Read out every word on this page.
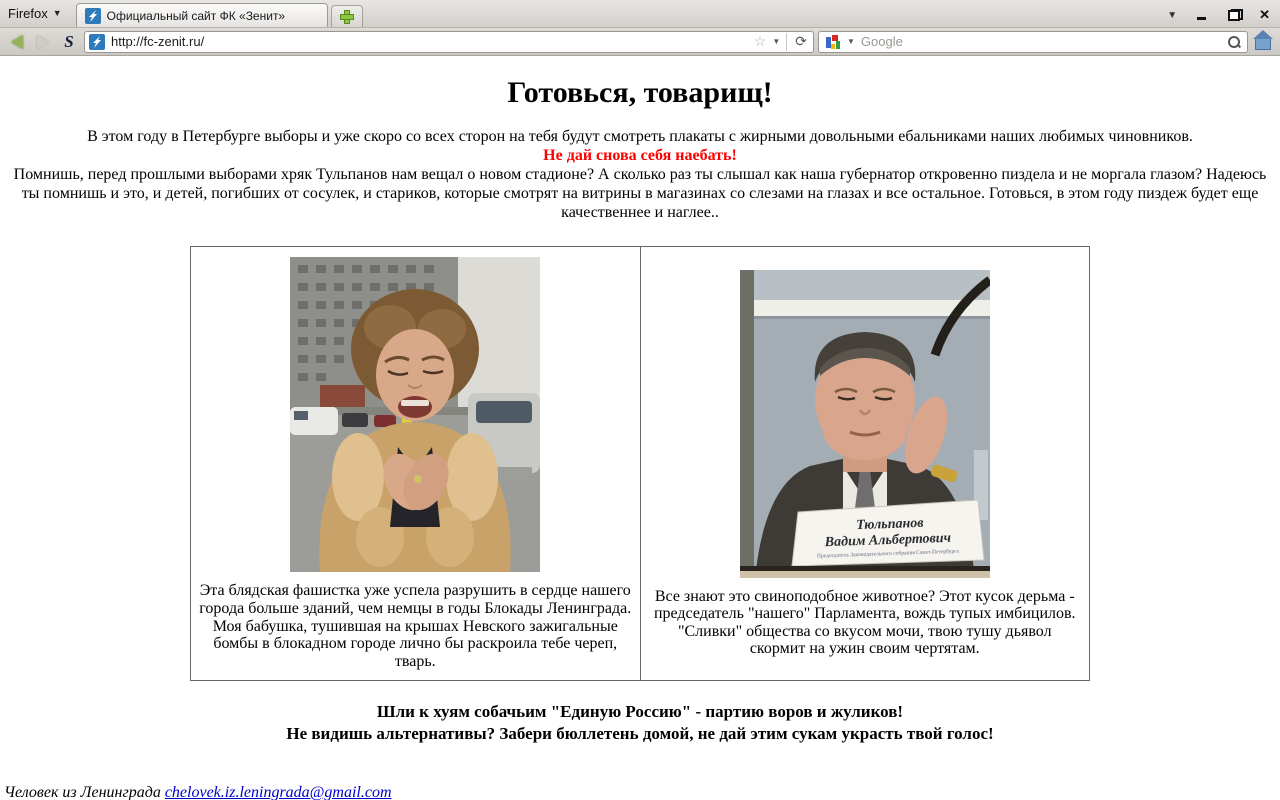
Firefox ▼	Официальный сайт ФК «Зенит»	▼	✕
S	http://fc-zenit.ru/	☆ ▼ ⟳	▼ Google
Готовься, товарищ!
В этом году в Петербурге выборы и уже скоро со всех сторон на тебя будут смотреть плакаты с жирными довольными ебальниками наших любимых чиновников.
Не дай снова себя наебать!
Помнишь, перед прошлыми выборами хряк Тульпанов нам вещал о новом стадионе? А сколько раз ты слышал как наша губернатор откровенно пиздела и не моргала глазом? Надеюсь ты помнишь и это, и детей, погибших от сосулек, и стариков, которые смотрят на витрины в магазинах со слезами на глазах и все остальное. Готовься, в этом году пиздеж будет еще качественнее и наглее..
Эта блядская фашистка уже успела разрушить в сердце нашего города больше зданий, чем немцы в годы Блокады Ленинграда. Моя бабушка, тушившая на крышах Невского зажигальные бомбы в блокадном городе лично бы раскроила тебе череп, тварь.

Тюльпанов
Вадим Альбертович
Председатель Законодательного собрания Санкт-Петербурга
Все знают это свиноподобное животное? Этот кусок дерьма - председатель "нашего" Парламента, вождь тупых имбицилов. "Сливки" общества со вкусом мочи, твою тушу дьявол скормит на ужин своим чертятам.
Шли к хуям собачьим "Единую Россию" - партию воров и жуликов!
Не видишь альтернативы? Забери бюллетень домой, не дай этим сукам украсть твой голос!
Человек из Ленинграда chelovek.iz.leningrada@gmail.com
